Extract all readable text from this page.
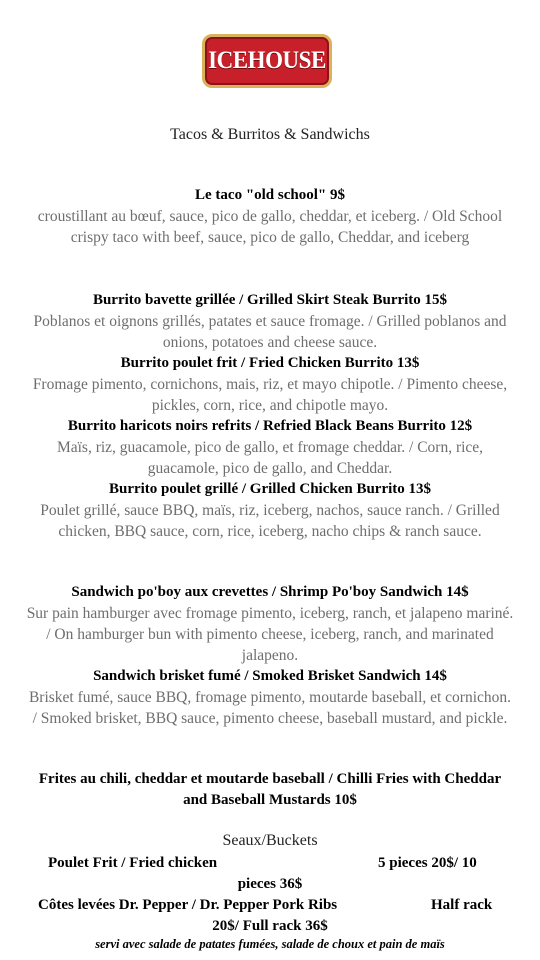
ICEHOUSE
Tacos & Burritos & Sandwichs
Le taco "old school" 9$
croustillant au bœuf, sauce, pico de gallo, cheddar, et iceberg. / Old School crispy taco with beef, sauce, pico de gallo, Cheddar, and iceberg
Burrito bavette grillée / Grilled Skirt Steak Burrito 15$
Poblanos et oignons grillés, patates et sauce fromage. / Grilled poblanos and onions, potatoes and cheese sauce.
Burrito poulet frit / Fried Chicken Burrito 13$
Fromage pimento, cornichons, mais, riz, et mayo chipotle. / Pimento cheese, pickles, corn, rice, and chipotle mayo.
Burrito haricots noirs refrits / Refried Black Beans Burrito 12$
Maïs, riz, guacamole, pico de gallo, et fromage cheddar. / Corn, rice, guacamole, pico de gallo, and Cheddar.
Burrito poulet grillé / Grilled Chicken Burrito 13$
Poulet grillé, sauce BBQ, maïs, riz, iceberg, nachos, sauce ranch. / Grilled chicken, BBQ sauce, corn, rice, iceberg, nacho chips & ranch sauce.
Sandwich po'boy aux crevettes / Shrimp Po'boy Sandwich 14$
Sur pain hamburger avec fromage pimento, iceberg, ranch, et jalapeno mariné. / On hamburger bun with pimento cheese, iceberg, ranch, and marinated jalapeno.
Sandwich brisket fumé / Smoked Brisket Sandwich 14$
Brisket fumé, sauce BBQ, fromage pimento, moutarde baseball, et cornichon. / Smoked brisket, BBQ sauce, pimento cheese, baseball mustard, and pickle.
Frites au chili, cheddar et moutarde baseball / Chilli Fries with Cheddar and Baseball Mustards 10$
Seaux/Buckets
Poulet Frit / Fried chicken	5 pieces 20$/ 10
pieces 36$
Côtes levées Dr. Pepper / Dr. Pepper Pork Ribs	Half rack
20$/ Full rack 36$
servi avec salade de patates fumées, salade de choux et pain de maïs
